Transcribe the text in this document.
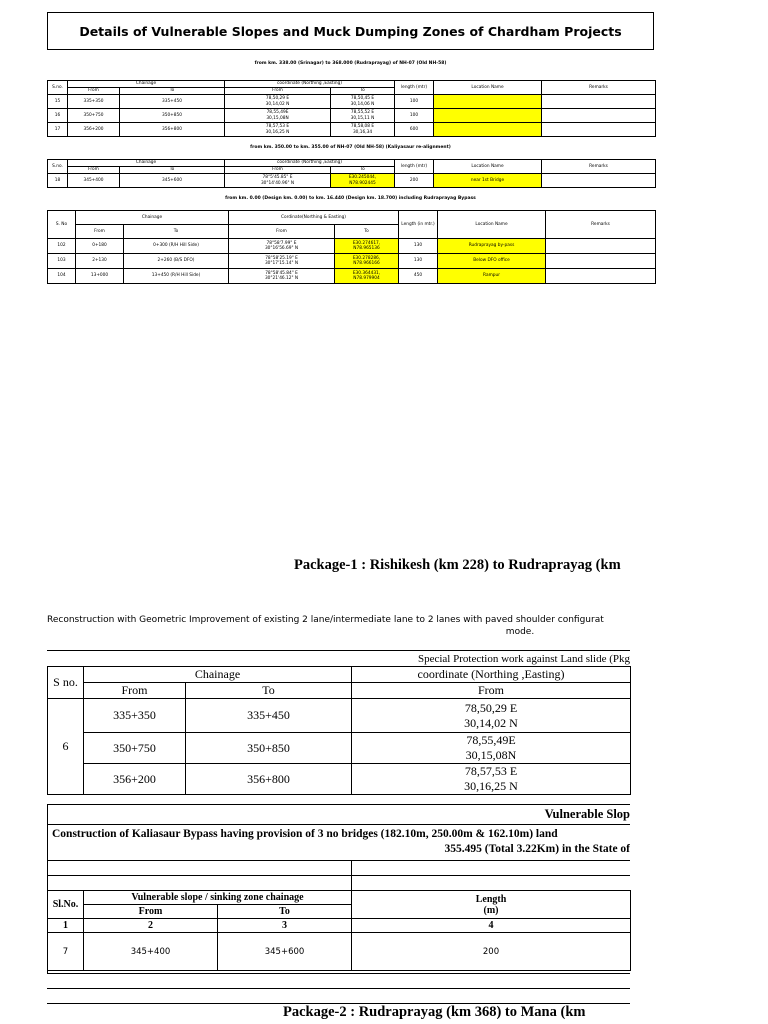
Details of Vulnerable Slopes and Muck Dumping Zones of Chardham Projects
from km. 338.00 (Srinagar) to 368.000 (Rudraprayag) of NH-07 (Old NH-58)
S.no.	Chainage		coordinate (Northing ,Easting)		length (mtr)	Location Name	Remarks
	From	To	From	To			
15	335+350	335+450	78,50,29 E
30,14,02 N	78,50,45 E
30,14,06 N	100		
16	350+750	350+850	78,55,49E
30,15,08N	78,55,52 E
30,15,11 N	100		
17	356+200	356+800	78,57,53 E
30,16,25 N	78,58,08 E
30,16,34	600		
from km. 350.00 to km. 355.00 of NH-07 (Old NH-58) (Kaliyasaur re-alignment)
S.no.	Chainage		coordinate (Northing ,Easting)		length (mtr)	Location Name	Remarks
	From	To	From	To			
18	345+400	345+600	78°5'45.85" E
30°14'40.96" N	E30.245044,
N78.902445	200	near 1st Bridge	
from km. 0.00 (Design km. 0.00) to km. 16.440 (Design km. 18.700) including Rudraprayag Bypass
S. No	Chainage		Cordinate(Northing & Easting)		Length (in mtr.)	Location Name	Remarks
	From	To	From	To			
102	0+180	0+300 (R/H Hill Side)	78°58'7.99" E
30°16'56.69" N	E30.274617,
N78.965136	130	Rudraprayag by-pass	
103	2+130	2+260 (B/S DFO)	78°58'25.19" E
30°17'15.14" N	E30.278286,
N78.966166	130	Below DFO office	
104	13+000	13+450 (R/H Hill Side)	78°58'45.84" E
30°21'46.12" N	E30.364431,
N78.979904	450	Rampur	
Package-1 : Rishikesh (km 228) to Rudraprayag (km
Reconstruction with Geometric Improvement of existing 2 lane/intermediate lane to 2 lanes with paved shoulder configurat
mode.
Special Protection work against Land slide (Pkg
S no.	Chainage		coordinate (Northing ,Easting)
	From	To	From
6	335+350	335+450	78,50,29 E
30,14,02 N

	350+750	350+850	78,55,49E
30,15,08N

	356+200	356+800	78,57,53 E
30,16,25 N
Vulnerable Slop
Construction of Kaliasaur Bypass having provision of 3 no bridges (182.10m, 250.00m & 162.10m) land
355.495 (Total 3.22Km) in the State of
Sl.No.	Vulnerable slope / sinking zone chainage		Length
(m)

	From	To	
1	2	3	4
7	345+400	345+600	200
Package-2 : Rudraprayag (km 368) to Mana (km
